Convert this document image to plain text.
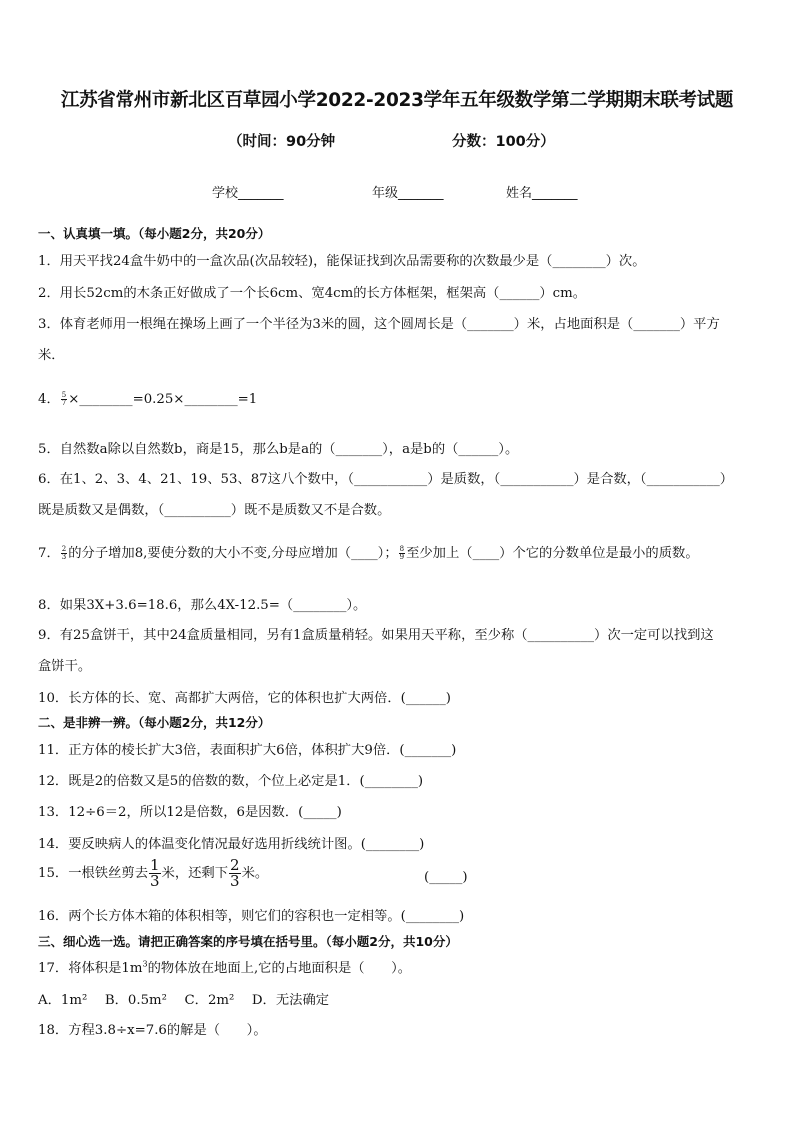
江苏省常州市新北区百草园小学2022-2023学年五年级数学第二学期期末联考试题
（时间：90分钟	分数：100分）
学校_______	年级_______	姓名_______
一、认真填一填。（每小题2分，共20分）
1．用天平找24盒牛奶中的一盒次品(次品较轻)，能保证找到次品需要称的次数最少是（________）次。
2．用长52cm的木条正好做成了一个长6cm、宽4cm的长方体框架，框架高（______）cm。
3．体育老师用一根绳在操场上画了一个半径为3米的圆，这个圆周长是（_______）米，占地面积是（_______）平方
米．
4． $\frac{5}{7}$ ×________=0.25×________=1
5．自然数a除以自然数b，商是15，那么b是a的（_______），a是b的（______）。
6．在1、2、3、4、21、19、53、87这八个数中，（___________）是质数，（___________）是合数，（___________）
既是质数又是偶数，（__________）既不是质数又不是合数。
7． $\frac{2}{3}$ 的分子增加8,要使分数的大小不变,分母应增加（____）； $\frac{8}{9}$ 至少加上（____）个它的分数单位是最小的质数。
8．如果3X+3.6=18.6，那么4X-12.5=（________）。
9．有25盒饼干，其中24盒质量相同，另有1盒质量稍轻。如果用天平称，至少称（__________）次一定可以找到这
盒饼干。
10．长方体的长、宽、高都扩大两倍，它的体积也扩大两倍．(______)
二、是非辨一辨。（每小题2分，共12分）
11．正方体的棱长扩大3倍，表面积扩大6倍，体积扩大9倍．(_______)
12．既是2的倍数又是5的倍数的数，个位上必定是1．(________)
13．12÷6＝2，所以12是倍数，6是因数．(_____)
14．要反映病人的体温变化情况最好选用折线统计图。(________)
15．一根铁丝剪去 $\frac{1}{3}$ 米，还剩下 $\frac{2}{3}$ 米。	(_____)
16．两个长方体木箱的体积相等，则它们的容积也一定相等。(________)
三、细心选一选。请把正确答案的序号填在括号里。（每小题2分，共10分）
17．将体积是$1m^3$的物体放在地面上,它的占地面积是（　　）。
A．1m² 　B．0.5m² 　C．2m² 　D．无法确定
18．方程3.8÷x=7.6的解是（　　）。
